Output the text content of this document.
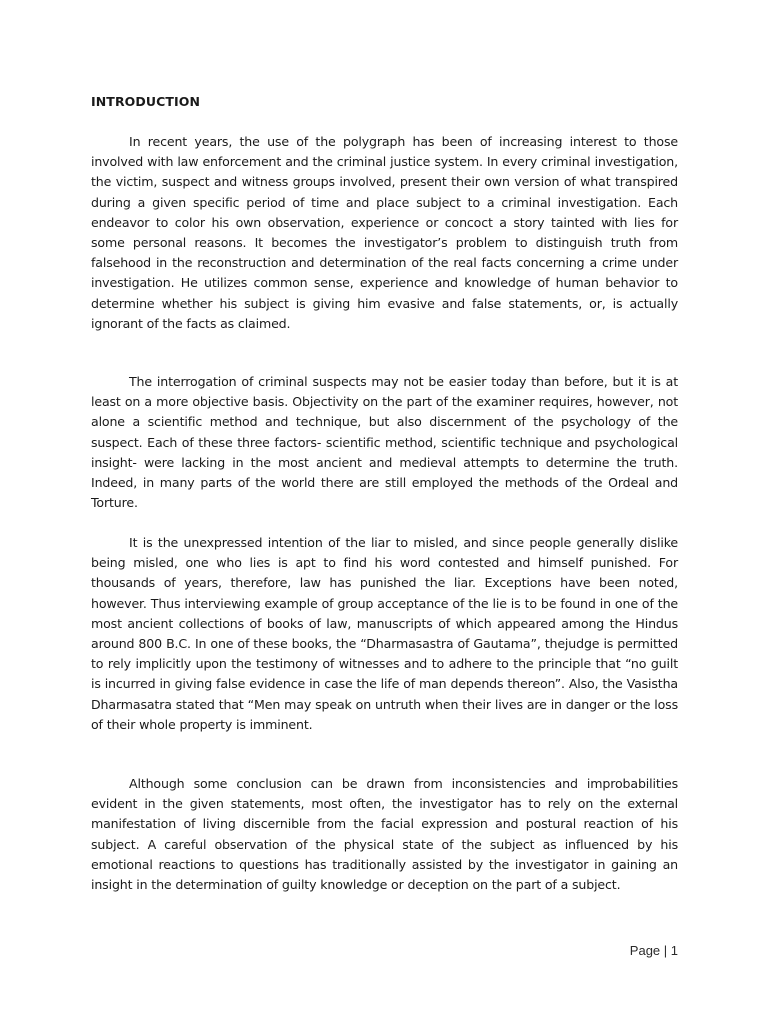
INTRODUCTION

In recent years, the use of the polygraph has been of increasing interest to those involved with law enforcement and the criminal justice system. In every criminal investigation, the victim, suspect and witness groups involved, present their own version of what transpired during a given specific period of time and place subject to a criminal investigation. Each endeavor to color his own observation, experience or concoct a story tainted with lies for some personal reasons. It becomes the investigator’s problem to distinguish truth from falsehood in the reconstruction and determination of the real facts concerning a crime under investigation. He utilizes common sense, experience and knowledge of human behavior to determine whether his subject is giving him evasive and false statements, or, is actually ignorant of the facts as claimed.

The interrogation of criminal suspects may not be easier today than before, but it is at least on a more objective basis. Objectivity on the part of the examiner requires, however, not alone a scientific method and technique, but also discernment of the psychology of the suspect. Each of these three factors- scientific method, scientific technique and psychological insight- were lacking in the most ancient and medieval attempts to determine the truth. Indeed, in many parts of the world there are still employed the methods of the Ordeal and Torture.

It is the unexpressed intention of the liar to misled, and since people generally dislike being misled, one who lies is apt to find his word contested and himself punished. For thousands of years, therefore, law has punished the liar. Exceptions have been noted, however. Thus interviewing example of group acceptance of the lie is to be found in one of the most ancient collections of books of law, manuscripts of which appeared among the Hindus around 800 B.C. In one of these books, the “Dharmasastra of Gautama”, thejudge is permitted to rely implicitly upon the testimony of witnesses and to adhere to the principle that “no guilt is incurred in giving false evidence in case the life of man depends thereon”. Also, the Vasistha Dharmasatra stated that “Men may speak on untruth when their lives are in danger or the loss of their whole property is imminent.

Although some conclusion can be drawn from inconsistencies and improbabilities evident in the given statements, most often, the investigator has to rely on the external manifestation of living discernible from the facial expression and postural reaction of his subject. A careful observation of the physical state of the subject as influenced by his emotional reactions to questions has traditionally assisted by the investigator in gaining an insight in the determination of guilty knowledge or deception on the part of a subject.

Page | 1
